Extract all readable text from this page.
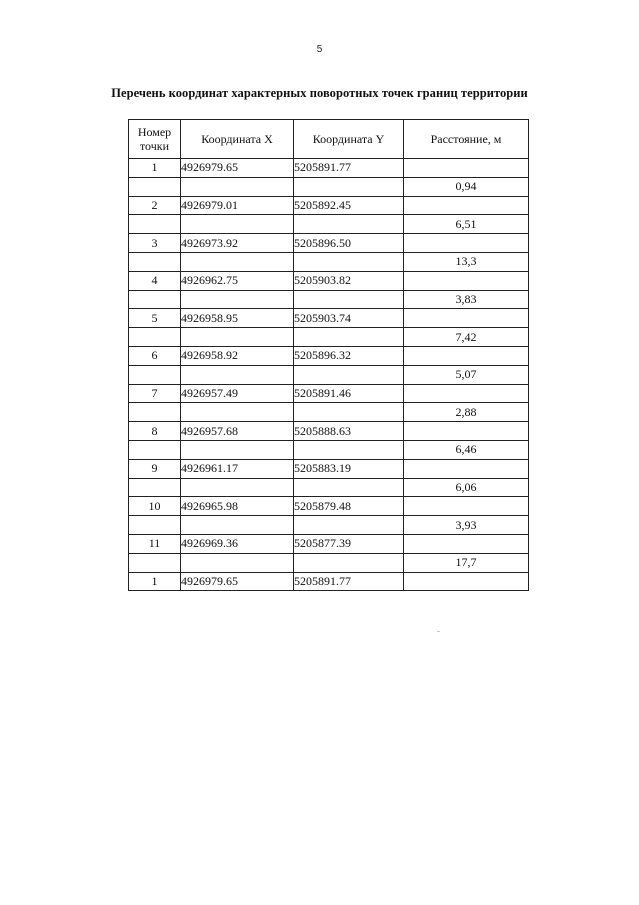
5
Перечень координат характерных поворотных точек границ территории
Номер точки	Координата X	Координата Y	Расстояние, м
1	4926979.65	5205891.77	
			0,94
2	4926979.01	5205892.45	
			6,51
3	4926973.92	5205896.50	
			13,3
4	4926962.75	5205903.82	
			3,83
5	4926958.95	5205903.74	
			7,42
6	4926958.92	5205896.32	
			5,07
7	4926957.49	5205891.46	
			2,88
8	4926957.68	5205888.63	
			6,46
9	4926961.17	5205883.19	
			6,06
10	4926965.98	5205879.48	
			3,93
11	4926969.36	5205877.39	
			17,7
1	4926979.65	5205891.77	
